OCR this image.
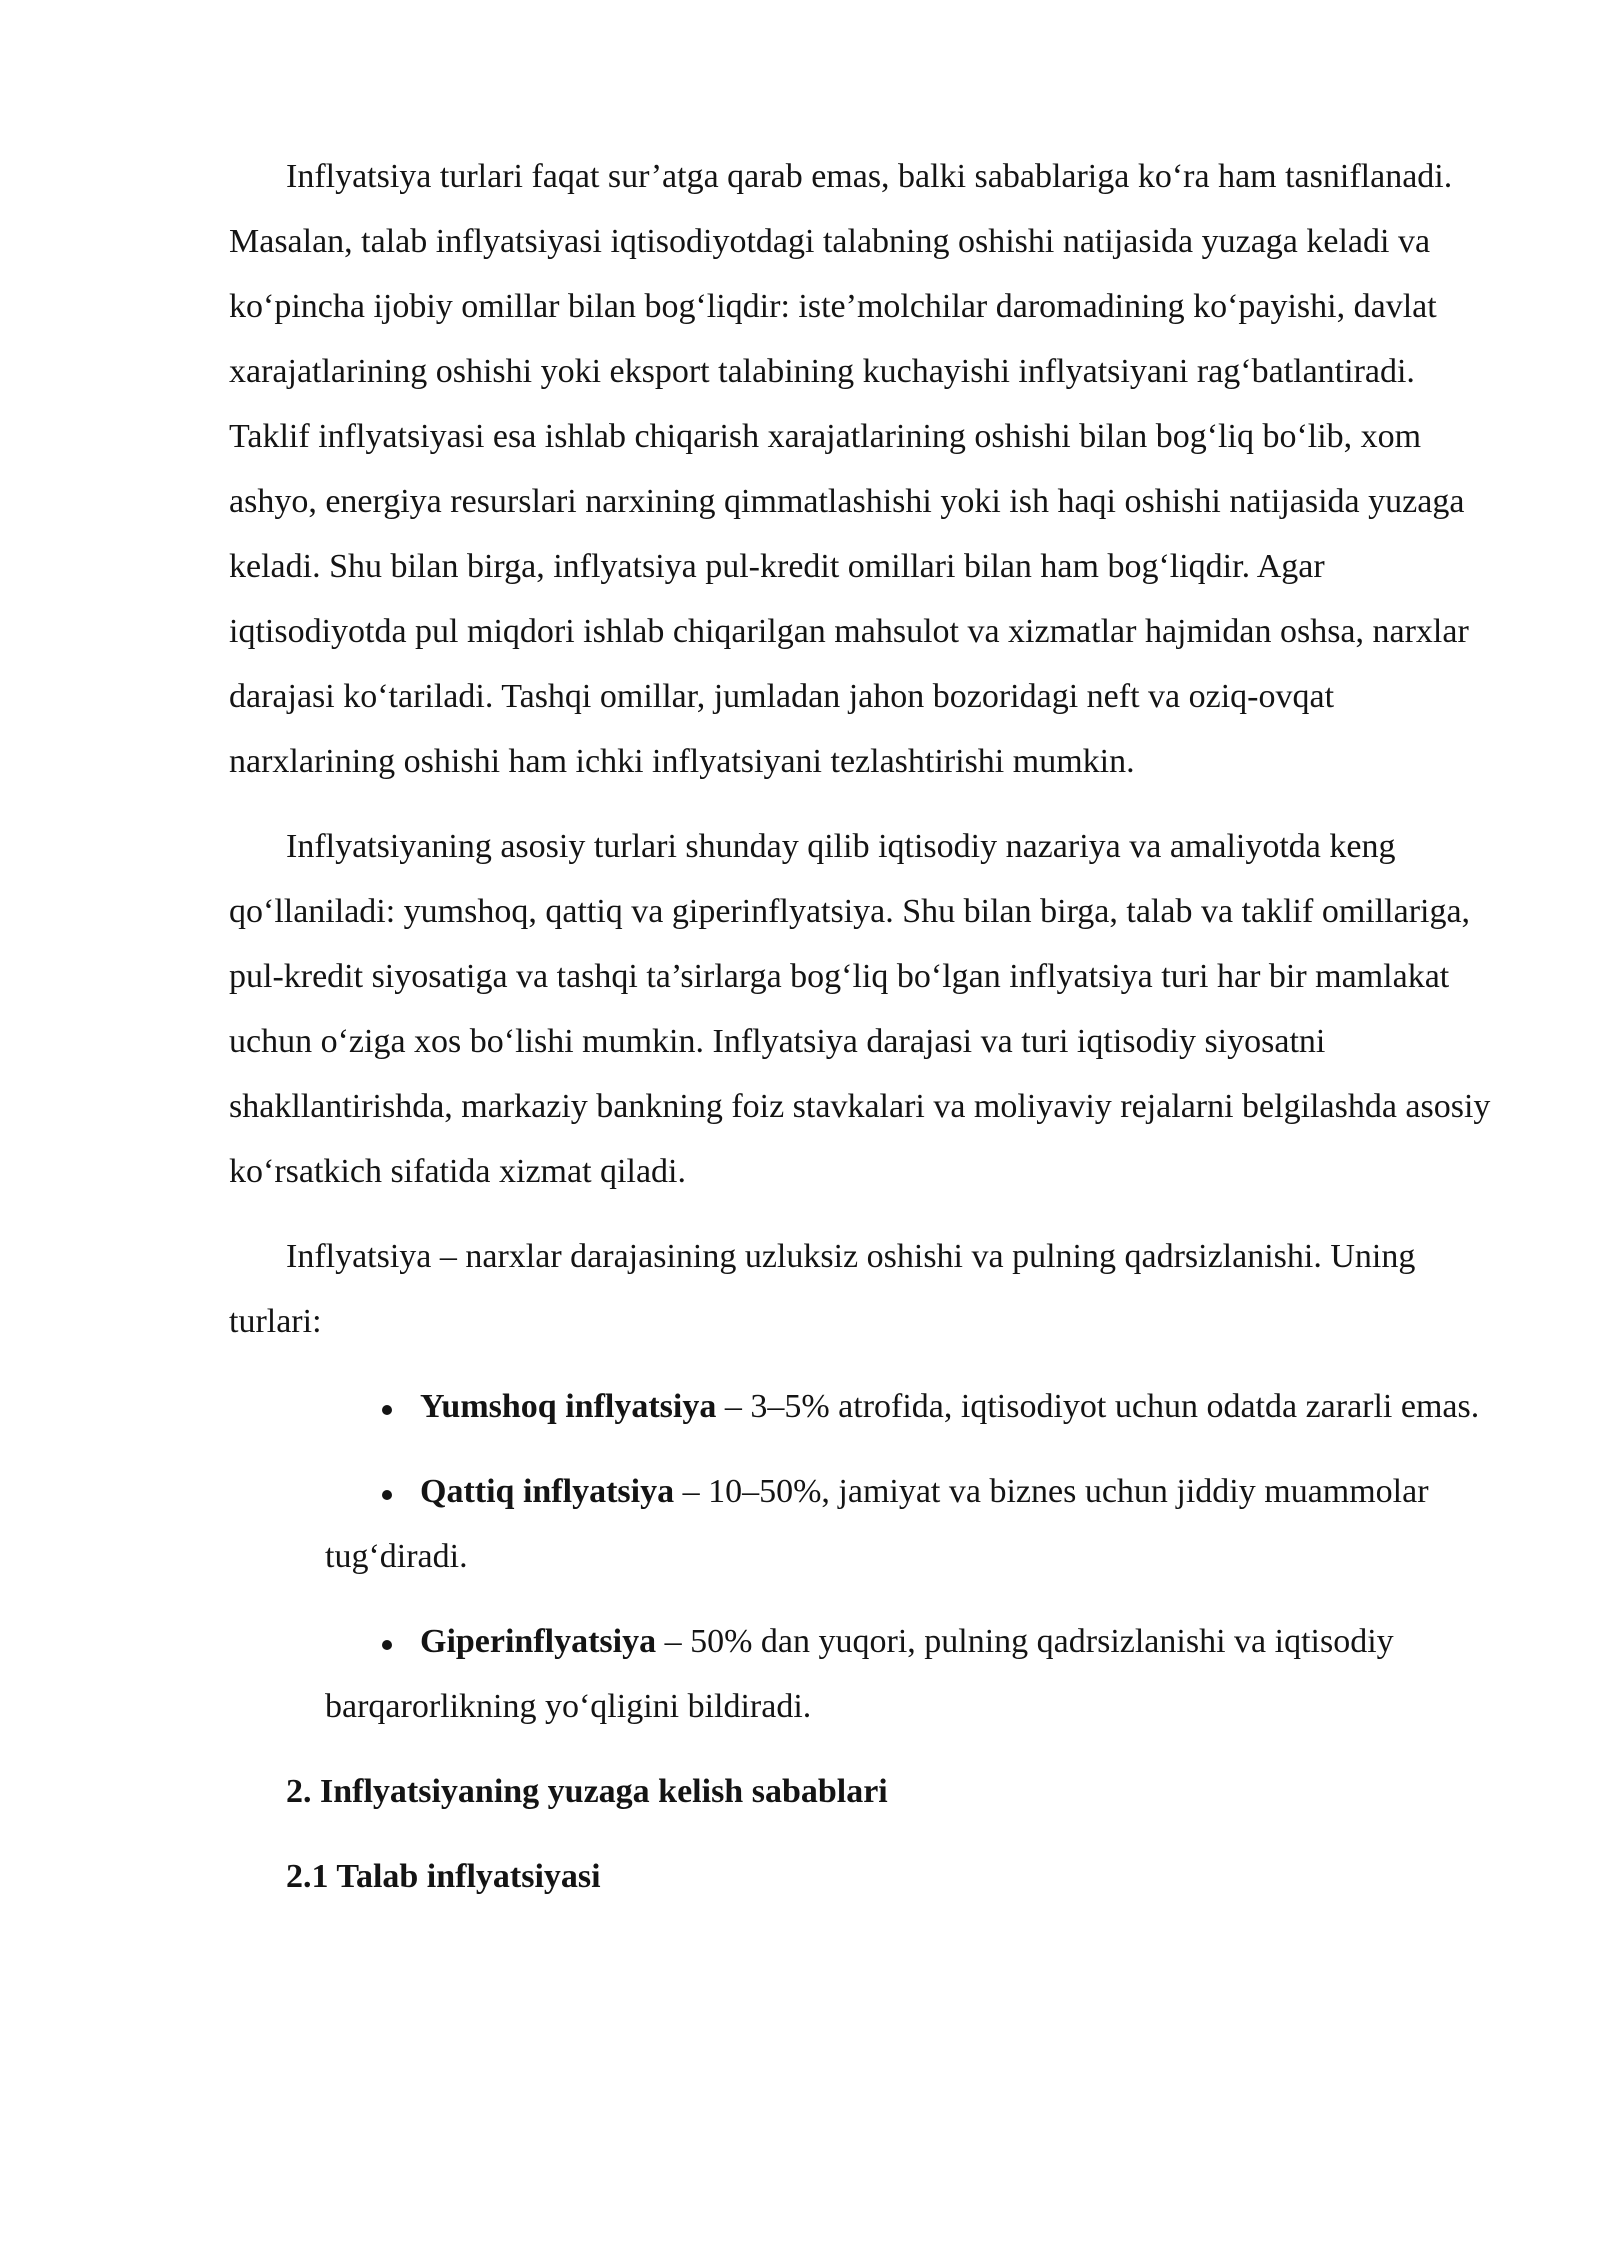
Inflyatsiya turlari faqat sur’atga qarab emas, balki sabablariga ko‘ra ham tasniflanadi. Masalan, talab inflyatsiyasi iqtisodiyotdagi talabning oshishi natijasida yuzaga keladi va ko‘pincha ijobiy omillar bilan bog‘liqdir: iste’molchilar daromadining ko‘payishi, davlat xarajatlarining oshishi yoki eksport talabining kuchayishi inflyatsiyani rag‘batlantiradi. Taklif inflyatsiyasi esa ishlab chiqarish xarajatlarining oshishi bilan bog‘liq bo‘lib, xom ashyo, energiya resurslari narxining qimmatlashishi yoki ish haqi oshishi natijasida yuzaga keladi. Shu bilan birga, inflyatsiya pul-kredit omillari bilan ham bog‘liqdir. Agar iqtisodiyotda pul miqdori ishlab chiqarilgan mahsulot va xizmatlar hajmidan oshsa, narxlar darajasi ko‘tariladi. Tashqi omillar, jumladan jahon bozoridagi neft va oziq-ovqat narxlarining oshishi ham ichki inflyatsiyani tezlashtirishi mumkin.

Inflyatsiyaning asosiy turlari shunday qilib iqtisodiy nazariya va amaliyotda keng qo‘llaniladi: yumshoq, qattiq va giperinflyatsiya. Shu bilan birga, talab va taklif omillariga, pul-kredit siyosatiga va tashqi ta’sirlarga bog‘liq bo‘lgan inflyatsiya turi har bir mamlakat uchun o‘ziga xos bo‘lishi mumkin. Inflyatsiya darajasi va turi iqtisodiy siyosatni shakllantirishda, markaziy bankning foiz stavkalari va moliyaviy rejalarni belgilashda asosiy ko‘rsatkich sifatida xizmat qiladi.

Inflyatsiya – narxlar darajasining uzluksiz oshishi va pulning qadrsizlanishi. Uning turlari:

Yumshoq inflyatsiya – 3–5% atrofida, iqtisodiyot uchun odatda zararli emas.
Qattiq inflyatsiya – 10–50%, jamiyat va biznes uchun jiddiy muammolar tug‘diradi.
Giperinflyatsiya – 50% dan yuqori, pulning qadrsizlanishi va iqtisodiy barqarorlikning yo‘qligini bildiradi.

2. Inflyatsiyaning yuzaga kelish sabablari

2.1 Talab inflyatsiyasi
